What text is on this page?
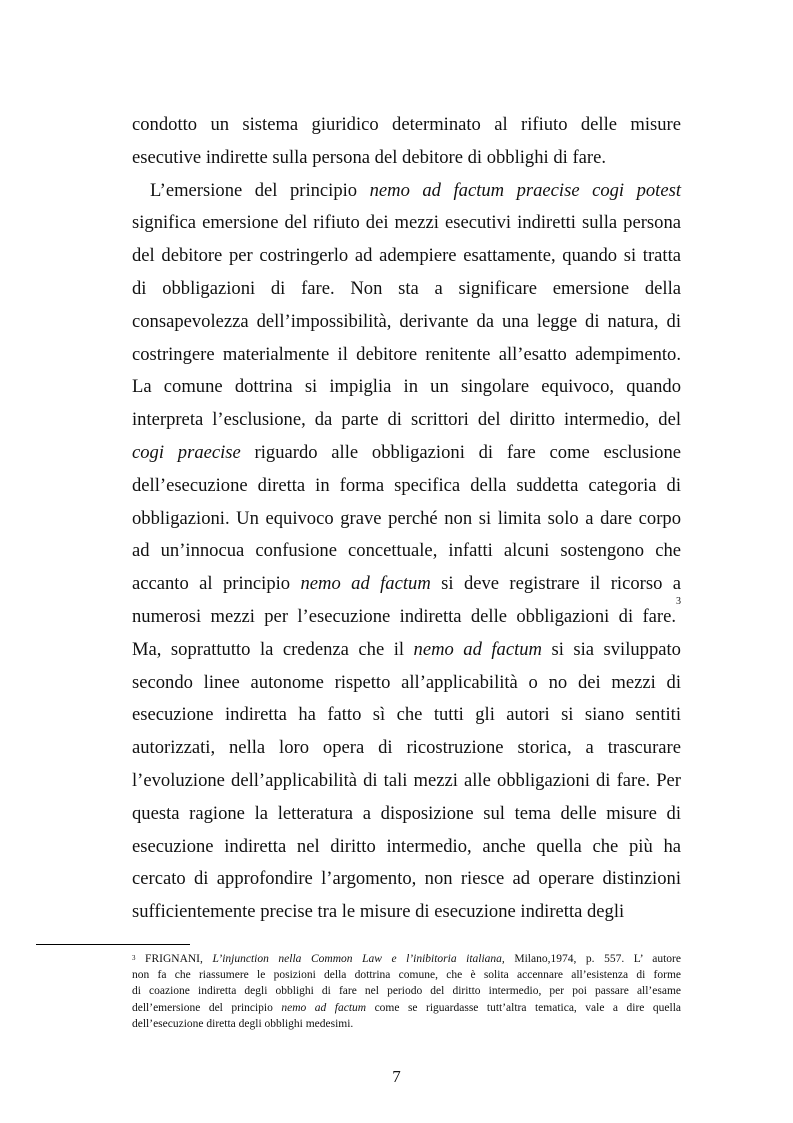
condotto un sistema giuridico determinato al rifiuto delle misure
esecutive indirette sulla persona del debitore di obblighi di fare.
L’emersione del principio nemo ad factum praecise cogi potest
significa emersione del rifiuto dei mezzi esecutivi indiretti sulla persona
del debitore per costringerlo ad adempiere esattamente, quando si tratta
di obbligazioni di fare. Non sta a significare emersione della
consapevolezza dell’impossibilità, derivante da una legge di natura, di
costringere materialmente il debitore renitente all’esatto adempimento.
La comune dottrina si impiglia in un singolare equivoco, quando
interpreta l’esclusione, da parte di scrittori del diritto intermedio, del
cogi praecise riguardo alle obbligazioni di fare come esclusione
dell’esecuzione diretta in forma specifica della suddetta categoria di
obbligazioni. Un equivoco grave perché non si limita solo a dare corpo
ad un’innocua confusione concettuale, infatti alcuni sostengono che
accanto al principio nemo ad factum si deve registrare il ricorso a
numerosi mezzi per l’esecuzione indiretta delle obbligazioni di fare.$^3$
Ma, soprattutto la credenza che il nemo ad factum si sia sviluppato
secondo linee autonome rispetto all’applicabilità o no dei mezzi di
esecuzione indiretta ha fatto sì che tutti gli autori si siano sentiti
autorizzati, nella loro opera di ricostruzione storica, a trascurare
l’evoluzione dell’applicabilità di tali mezzi alle obbligazioni di fare. Per
questa ragione la letteratura a disposizione sul tema delle misure di
esecuzione indiretta nel diritto intermedio, anche quella che più ha
cercato di approfondire l’argomento, non riesce ad operare distinzioni
sufficientemente precise tra le misure di esecuzione indiretta degli
$^3$ FRIGNANI, L’injunction nella Common Law e l’inibitoria italiana, Milano,1974, p. 557. L’ autore
non fa che riassumere le posizioni della dottrina comune, che è solita accennare all’esistenza di forme
di coazione indiretta degli obblighi di fare nel periodo del diritto intermedio, per poi passare all’esame
dell’emersione del principio nemo ad factum come se riguardasse tutt’altra tematica, vale a dire quella
dell’esecuzione diretta degli obblighi medesimi.
7
